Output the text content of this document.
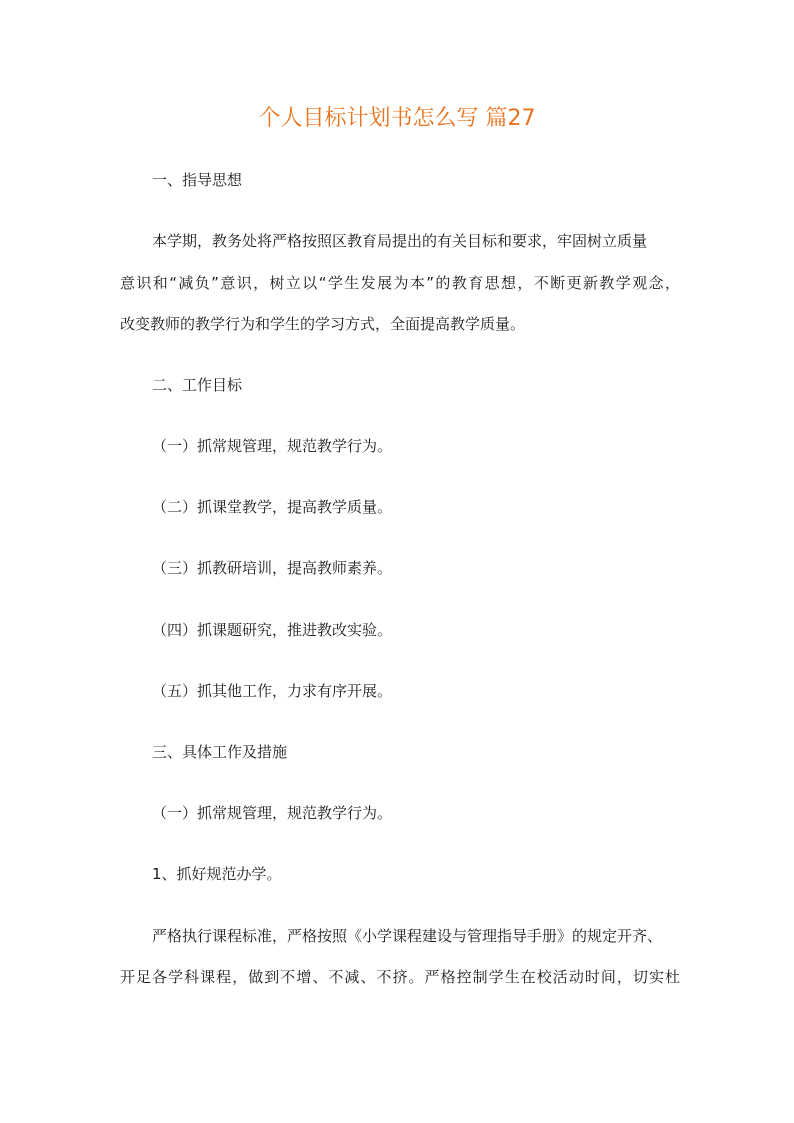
个人目标计划书怎么写 篇27

一、指导思想

本学期，教务处将严格按照区教育局提出的有关目标和要求，牢固树立质量

意识和“减负”意识，树立以“学生发展为本”的教育思想，不断更新教学观念，

改变教师的教学行为和学生的学习方式，全面提高教学质量。

二、工作目标

（一）抓常规管理，规范教学行为。

（二）抓课堂教学，提高教学质量。

（三）抓教研培训，提高教师素养。

（四）抓课题研究，推进教改实验。

（五）抓其他工作，力求有序开展。

三、具体工作及措施

（一）抓常规管理，规范教学行为。

1、抓好规范办学。

严格执行课程标准，严格按照《小学课程建设与管理指导手册》的规定开齐、

开足各学科课程，做到不增、不减、不挤。严格控制学生在校活动时间，切实杜
